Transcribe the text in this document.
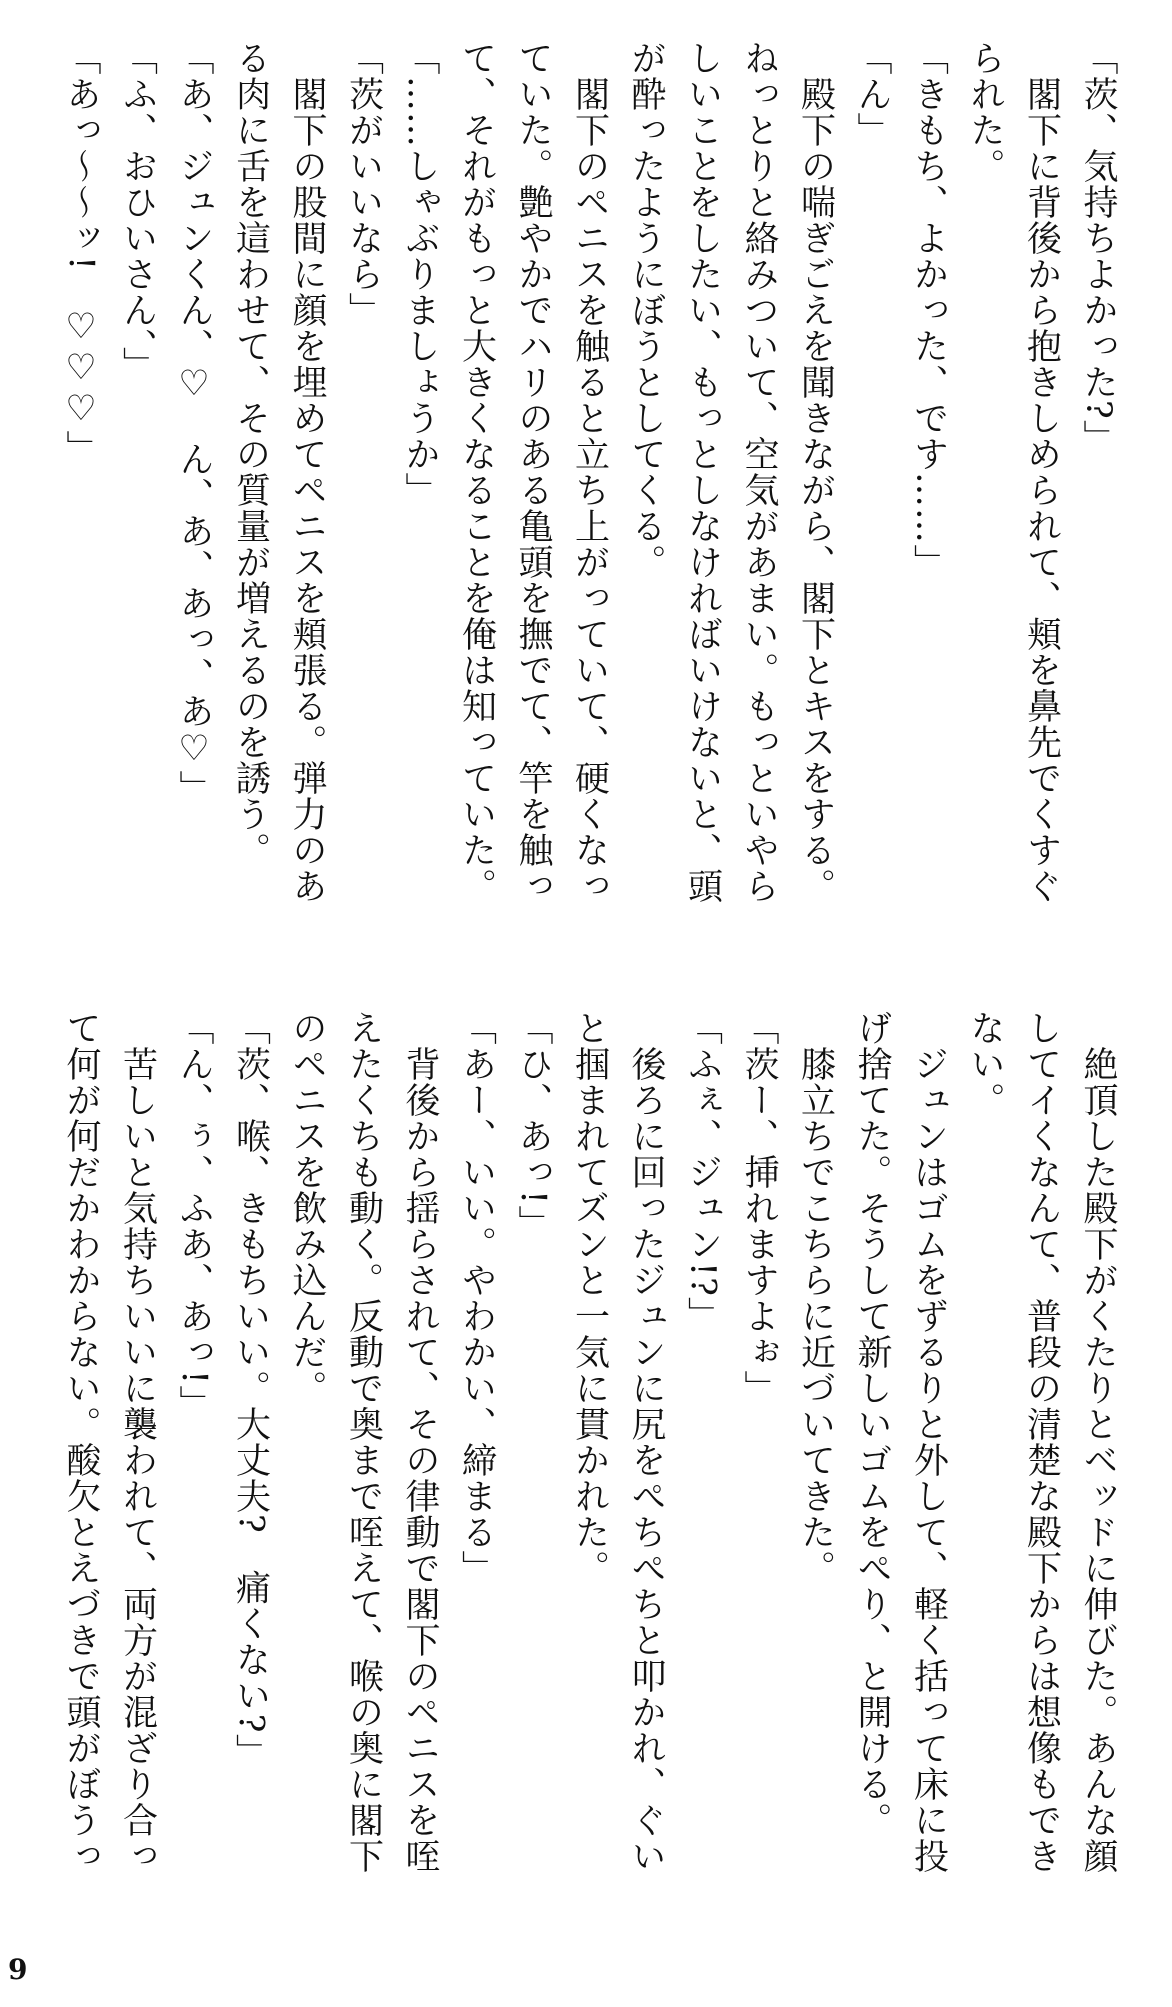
「茨、気持ちよかった?」
　閣下に背後から抱きしめられて、頬を鼻先でくすぐ
られた。
「きもち、よかった、です……」
「ん」
　殿下の喘ぎごえを聞きながら、閣下とキスをする。
ねっとりと絡みついて、空気があまい。もっといやら
しいことをしたい、もっとしなければいけないと、頭
が酔ったようにぼうとしてくる。
　閣下のペニスを触ると立ち上がっていて、硬くなっ
ていた。艶やかでハリのある亀頭を撫でて、竿を触っ
て、それがもっと大きくなることを俺は知っていた。
「……しゃぶりましょうか」
「茨がいいなら」
　閣下の股間に顔を埋めてペニスを頬張る。弾力のあ
る肉に舌を這わせて、その質量が増えるのを誘う。
「あ、ジュンくん、♡　ん、あ、あっ、あ♡」
「ふ、おひいさん、」
「あっ〜〜ッ!　♡♡♡」
　絶頂した殿下がくたりとベッドに伸びた。あんな顔
してイくなんて、普段の清楚な殿下からは想像もでき
ない。
　ジュンはゴムをずるりと外して、軽く括って床に投
げ捨てた。そうして新しいゴムをぺり、と開ける。
　膝立ちでこちらに近づいてきた。
「茨ー、挿れますよぉ」
「ふぇ、ジュン!?」
　後ろに回ったジュンに尻をぺちぺちと叩かれ、ぐい
と掴まれてズンと一気に貫かれた。
「ひ、あっ!」
「あー、いい。やわかい、締まる」
　背後から揺らされて、その律動で閣下のペニスを咥
えたくちも動く。反動で奥まで咥えて、喉の奥に閣下
のペニスを飲み込んだ。
「茨、喉、きもちいい。大丈夫?　痛くない?」
「ん、ぅ、ふあ、あっ!」
　苦しいと気持ちいいに襲われて、両方が混ざり合っ
て何が何だかわからない。酸欠とえづきで頭がぼうっ
9
